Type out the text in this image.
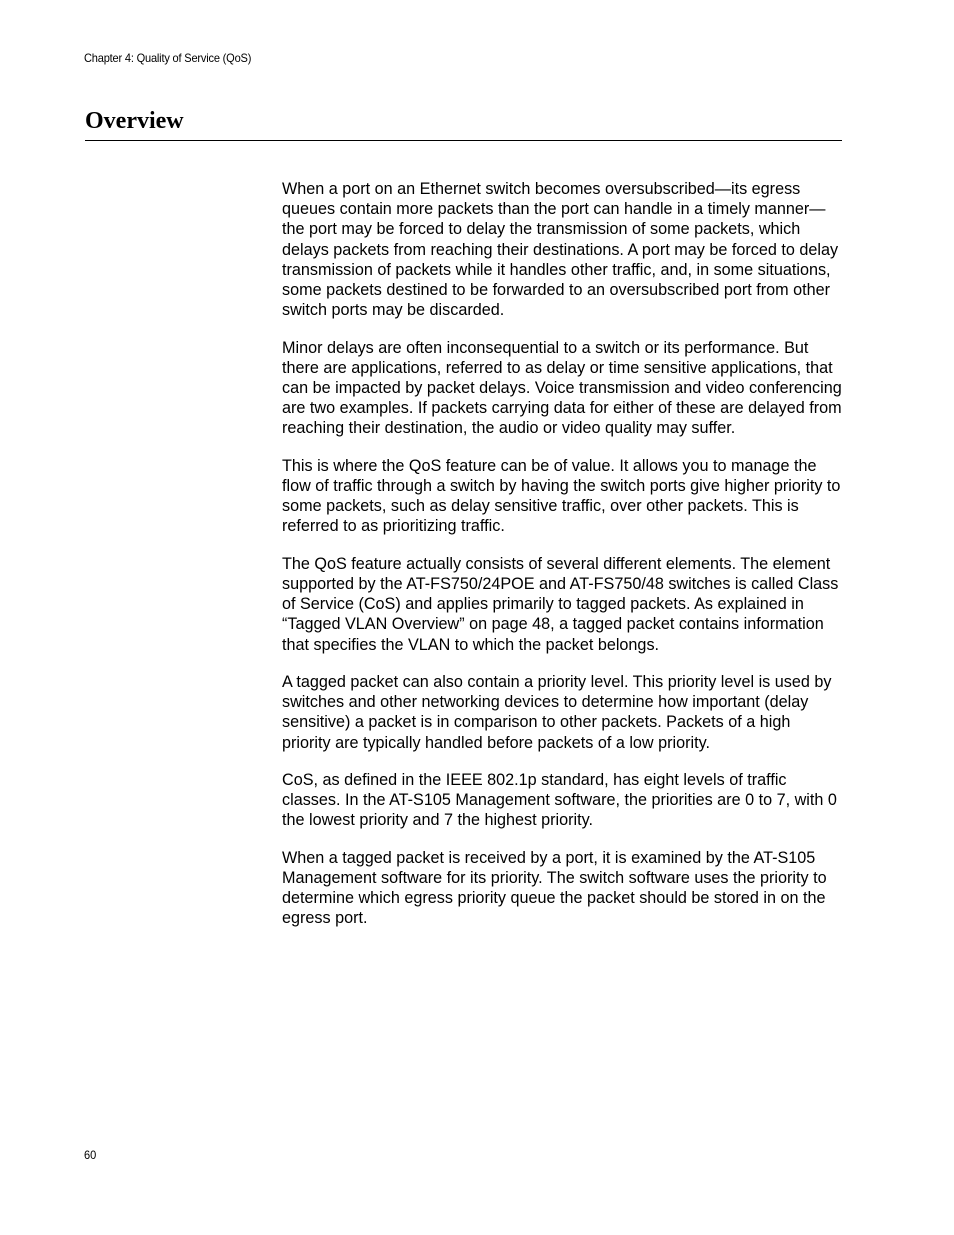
Chapter 4: Quality of Service (QoS)
Overview

When a port on an Ethernet switch becomes oversubscribed—its egress queues contain more packets than the port can handle in a timely manner—the port may be forced to delay the transmission of some packets, which delays packets from reaching their destinations. A port may be forced to delay transmission of packets while it handles other traffic, and, in some situations, some packets destined to be forwarded to an oversubscribed port from other switch ports may be discarded.

Minor delays are often inconsequential to a switch or its performance. But there are applications, referred to as delay or time sensitive applications, that can be impacted by packet delays. Voice transmission and video conferencing are two examples. If packets carrying data for either of these are delayed from reaching their destination, the audio or video quality may suffer.

This is where the QoS feature can be of value. It allows you to manage the flow of traffic through a switch by having the switch ports give higher priority to some packets, such as delay sensitive traffic, over other packets. This is referred to as prioritizing traffic.

The QoS feature actually consists of several different elements. The element supported by the AT-FS750/24POE and AT-FS750/48 switches is called Class of Service (CoS) and applies primarily to tagged packets. As explained in “Tagged VLAN Overview” on page 48, a tagged packet contains information that specifies the VLAN to which the packet belongs.

A tagged packet can also contain a priority level. This priority level is used by switches and other networking devices to determine how important (delay sensitive) a packet is in comparison to other packets. Packets of a high priority are typically handled before packets of a low priority.

CoS, as defined in the IEEE 802.1p standard, has eight levels of traffic classes. In the AT-S105 Management software, the priorities are 0 to 7, with 0 the lowest priority and 7 the highest priority.

When a tagged packet is received by a port, it is examined by the AT-S105 Management software for its priority. The switch software uses the priority to determine which egress priority queue the packet should be stored in on the egress port.

60
